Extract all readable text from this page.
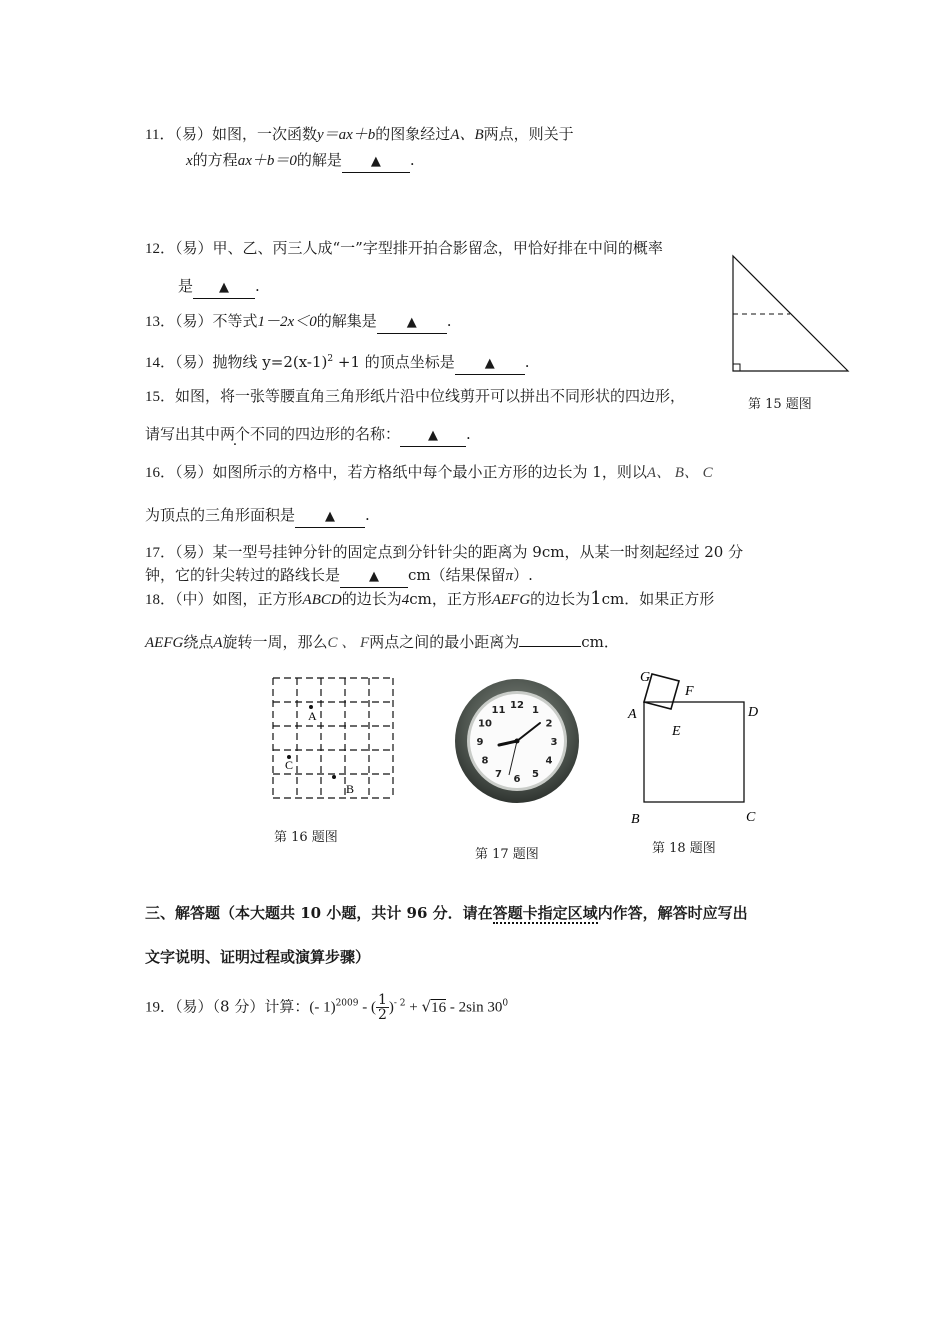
11．（易）如图，一次函数y＝ax＋b的图象经过A、B两点，则关于
x的方程ax＋b＝0的解是 ▲ .
12．（易）甲、乙、丙三人成“一”字型排开拍合影留念，甲恰好排在中间的概率
是 ▲ .
13．（易）不等式1－2x＜0的解集是 ▲ .
14．（易）抛物线 $y=2(x-1)^2 +1$ 的顶点坐标是 ▲ .
第 15 题图
15．如图，将一张等腰直角三角形纸片沿中位线剪开可以拼出不同形状的四边形，
请写出其中两个不同的四边形的名称： ▲ .
16．（易）如图所示的方格中，若方格纸中每个最小正方形的边长为 1，则以A、 B、 C
为顶点的三角形面积是 ▲ .
17．（易）某一型号挂钟分针的固定点到分针针尖的距离为 9cm，从某一时刻起经过 20 分
钟，它的针尖转过的路线长是 ▲ cm（结果保留π）.
18．（中）如图，正方形ABCD的边长为4cm，正方形AEFG的边长为1cm．如果正方形
AEFG绕点A旋转一周，那么C 、 F两点之间的最小距离为	cm．
A
C
B
第 16 题图
12 1
2
3
4
5
6
7
8
9
10
11
第 17 题图
G
F
A
E
D
B	C
第 18 题图
三、解答题（本大题共 10 小题，共计 96 分．请在答题卡指定区域内作答，解答时应写出
文字说明、证明过程或演算步骤）
19．（易）（8 分）计算：(- 1)$^{2009}$ - ( $\frac{1}{2} )^{- 2} + √16 - 2\sin$ $30^0$
